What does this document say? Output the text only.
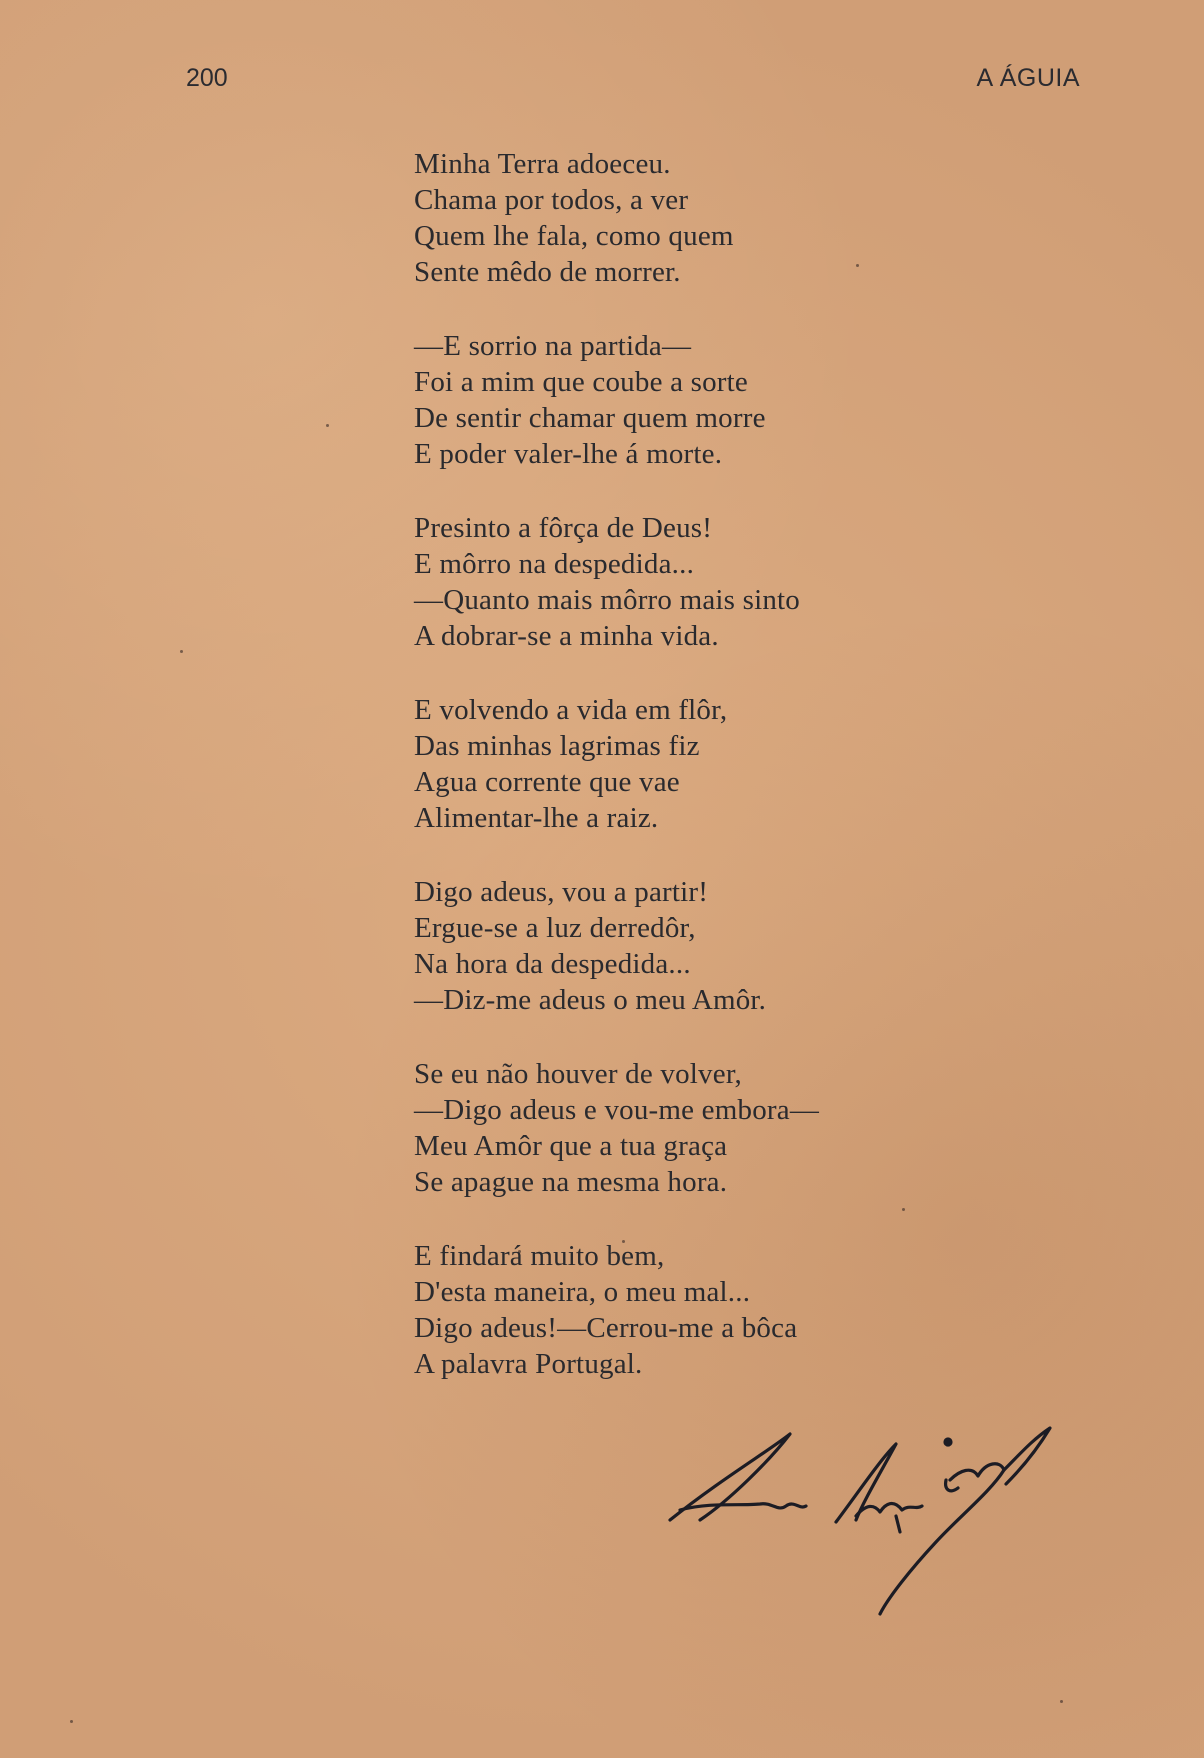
200	A ÁGUIA
Minha Terra adoeceu.
Chama por todos, a ver
Quem lhe fala, como quem
Sente mêdo de morrer.
—E sorrio na partida—
Foi a mim que coube a sorte
De sentir chamar quem morre
E poder valer-lhe á morte.
Presinto a fôrça de Deus!
E môrro na despedida...
—Quanto mais môrro mais sinto
A dobrar-se a minha vida.
E volvendo a vida em flôr,
Das minhas lagrimas fiz
Agua corrente que vae
Alimentar-lhe a raiz.
Digo adeus, vou a partir!
Ergue-se a luz derredôr,
Na hora da despedida...
—Diz-me adeus o meu Amôr.
Se eu não houver de volver,
—Digo adeus e vou-me embora—
Meu Amôr que a tua graça
Se apague na mesma hora.
E findará muito bem,
D'esta maneira, o meu mal...
Digo adeus!—Cerrou-me a bôca
A palavra Portugal.
